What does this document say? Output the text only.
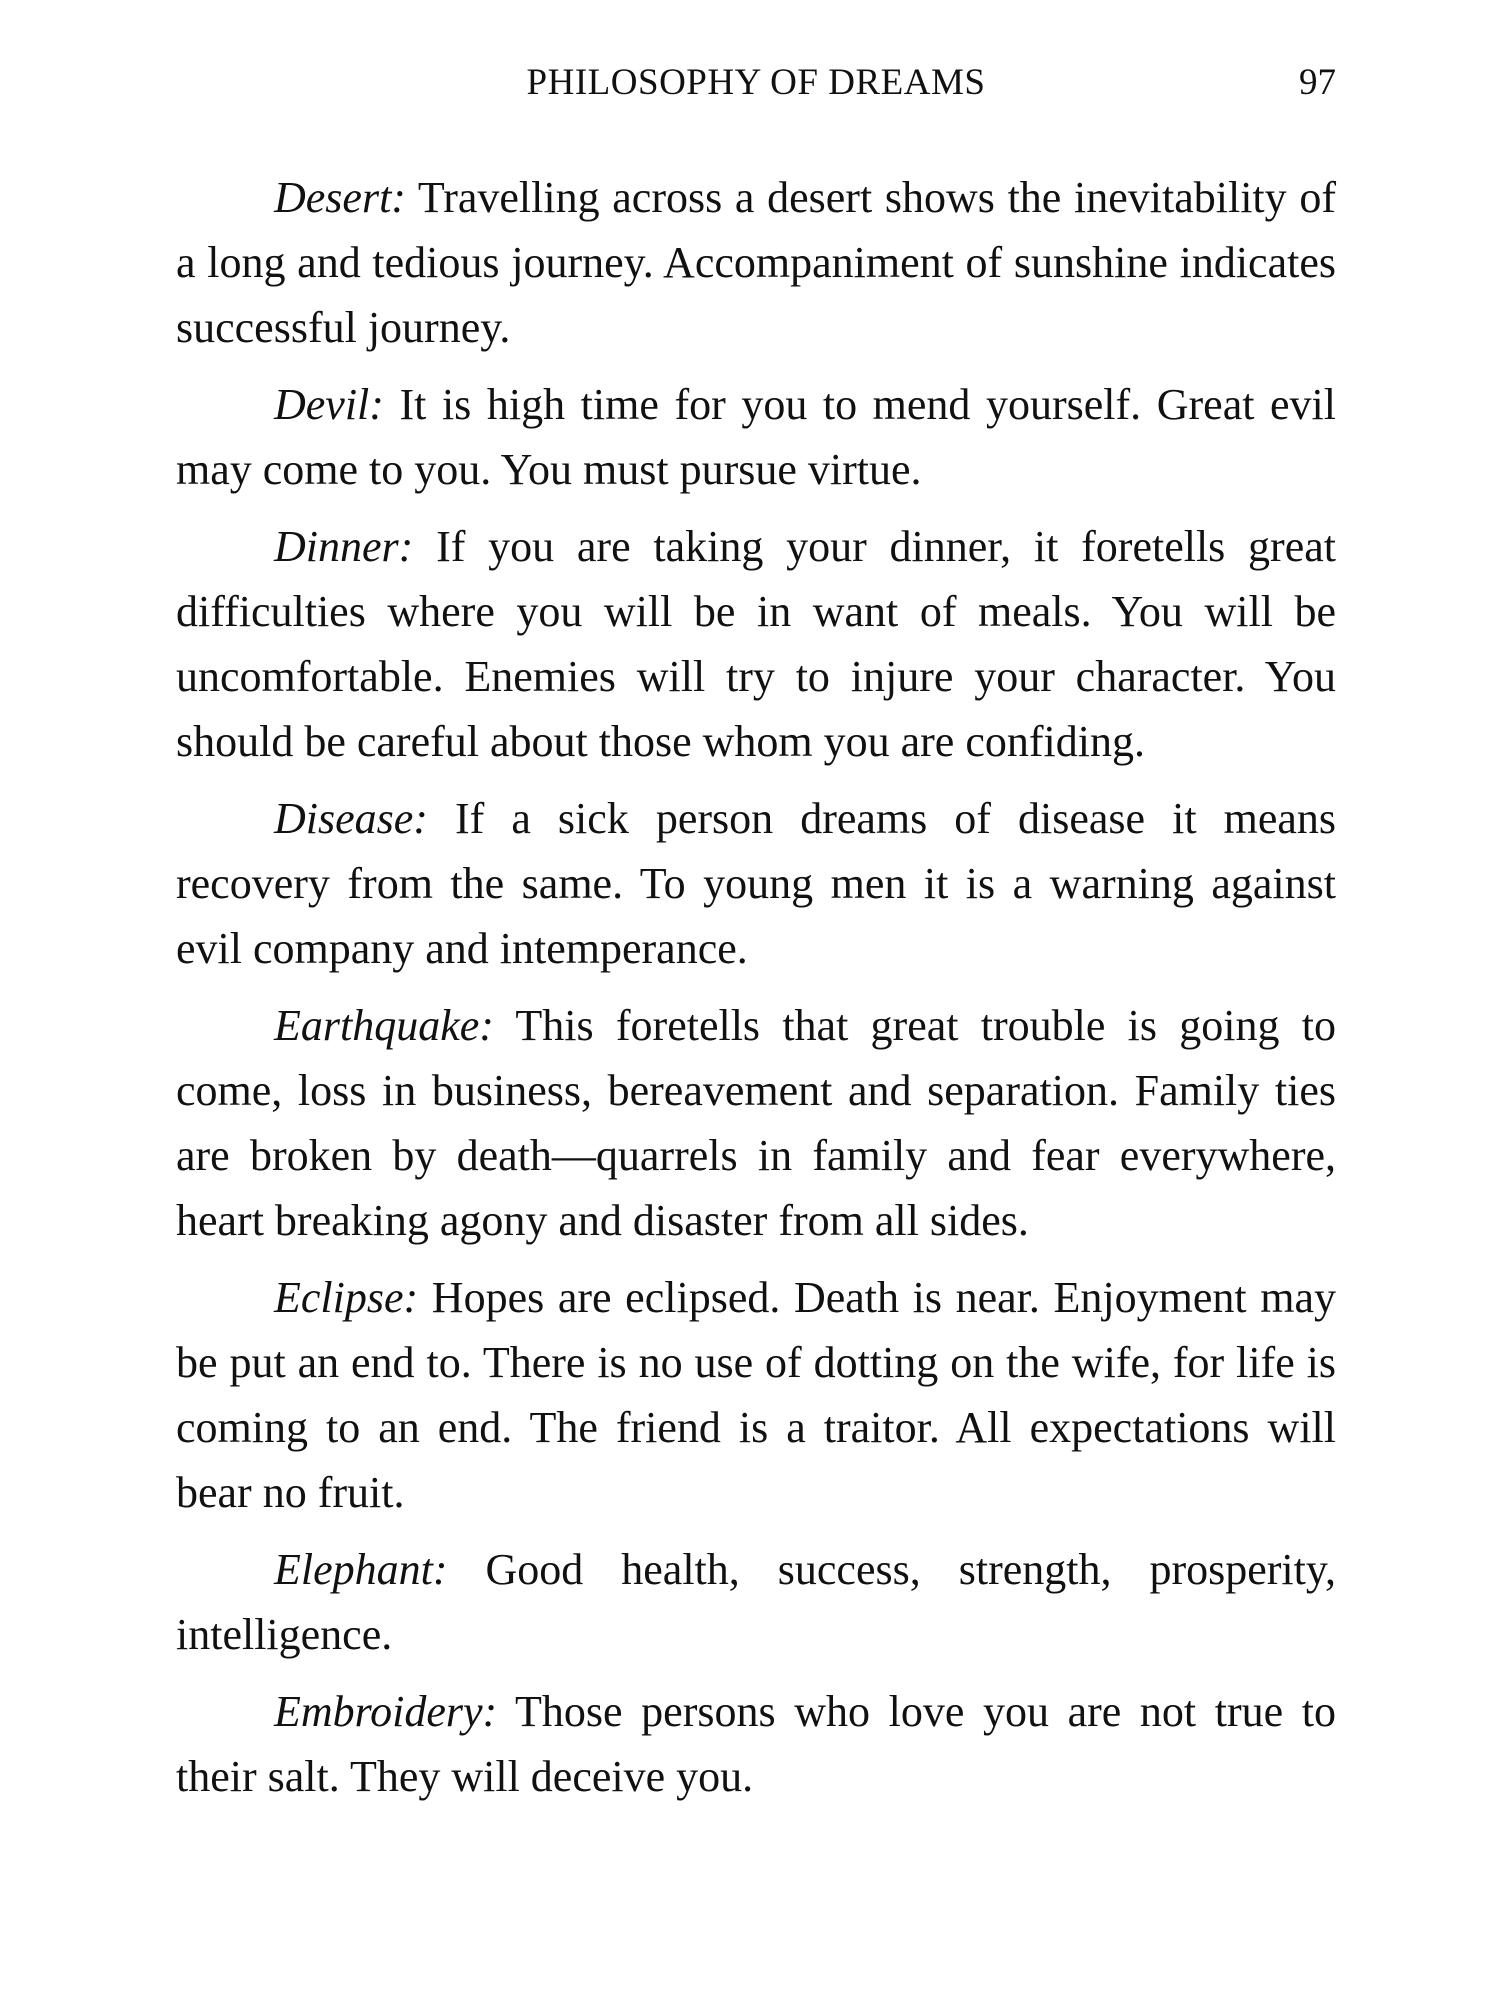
PHILOSOPHY OF DREAMS	97

Desert: Travelling across a desert shows the inevitability of a long and tedious journey. Accompaniment of sunshine indicates successful journey.

Devil: It is high time for you to mend yourself. Great evil may come to you. You must pursue virtue.

Dinner: If you are taking your dinner, it foretells great difficulties where you will be in want of meals. You will be uncomfortable. Enemies will try to injure your character. You should be careful about those whom you are confiding.

Disease: If a sick person dreams of disease it means recovery from the same. To young men it is a warning against evil company and intemperance.

Earthquake: This foretells that great trouble is going to come, loss in business, bereavement and separation. Family ties are broken by death—quarrels in family and fear everywhere, heart breaking agony and disaster from all sides.

Eclipse: Hopes are eclipsed. Death is near. Enjoyment may be put an end to. There is no use of dotting on the wife, for life is coming to an end. The friend is a traitor. All expectations will bear no fruit.

Elephant: Good health, success, strength, prosperity, intelligence.

Embroidery: Those persons who love you are not true to their salt. They will deceive you.
